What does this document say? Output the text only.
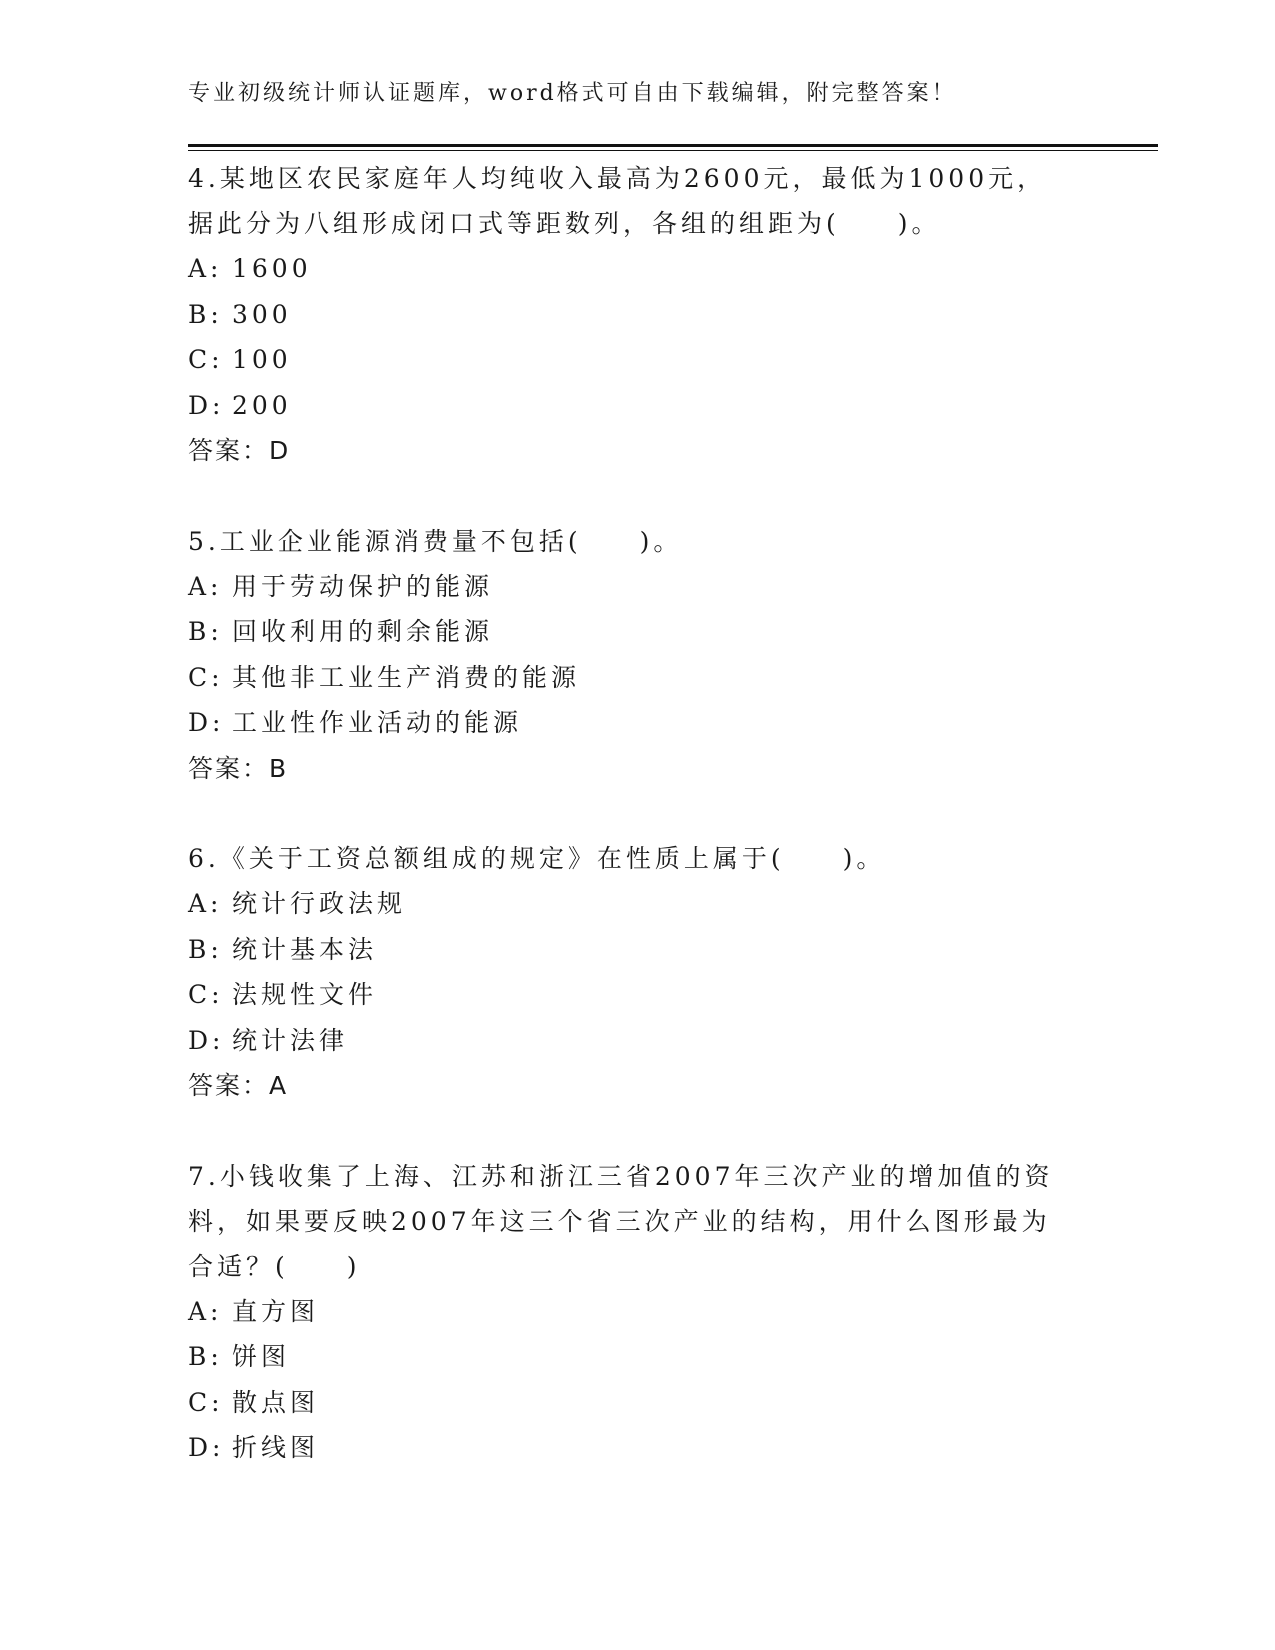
专业初级统计师认证题库，word格式可自由下载编辑，附完整答案！
4.某地区农民家庭年人均纯收入最高为2600元，最低为1000元，据此分为八组形成闭口式等距数列，各组的组距为(　　)。
A: 1600
B: 300
C: 100
D: 200
答案：D
5.工业企业能源消费量不包括(　　)。
A: 用于劳动保护的能源
B: 回收利用的剩余能源
C: 其他非工业生产消费的能源
D: 工业性作业活动的能源
答案：B
6.《关于工资总额组成的规定》在性质上属于(　　)。
A: 统计行政法规
B: 统计基本法
C: 法规性文件
D: 统计法律
答案：A
7.小钱收集了上海、江苏和浙江三省2007年三次产业的增加值的资料，如果要反映2007年这三个省三次产业的结构，用什么图形最为合适？(　　)
A: 直方图
B: 饼图
C: 散点图
D: 折线图
